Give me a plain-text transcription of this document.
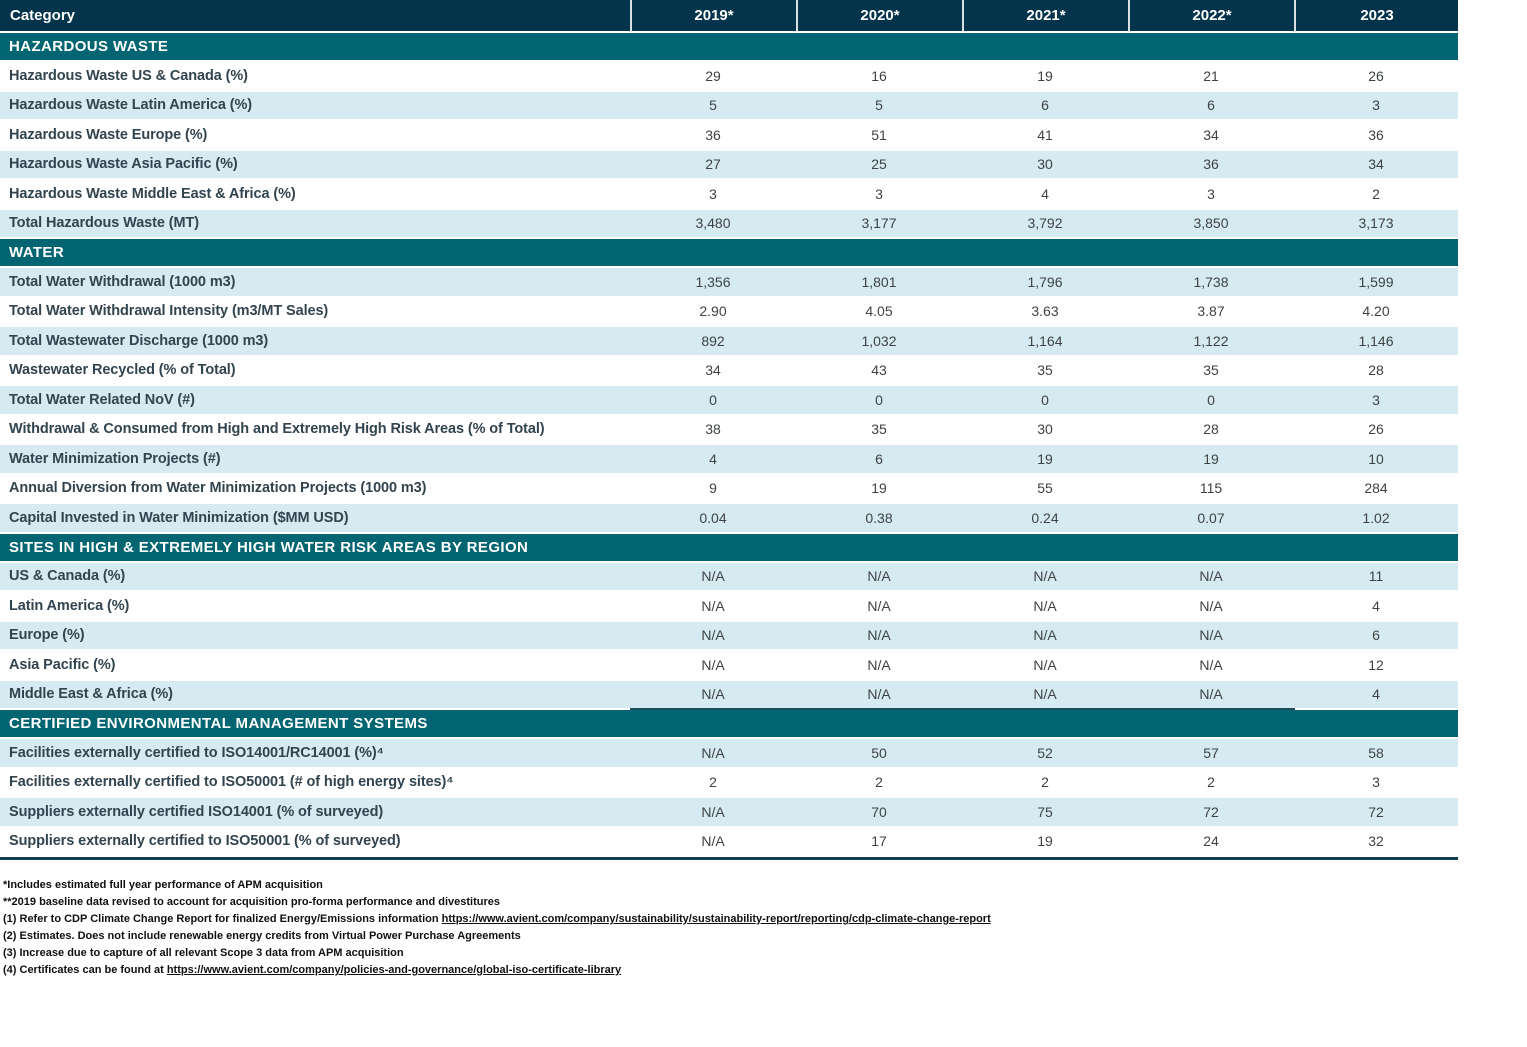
Category	2019*	2020*	2021*	2022*	2023
HAZARDOUS WASTE
Hazardous Waste US & Canada (%)	29	16	19	21	26
Hazardous Waste Latin America (%)	5	5	6	6	3
Hazardous Waste Europe (%)	36	51	41	34	36
Hazardous Waste Asia Pacific (%)	27	25	30	36	34
Hazardous Waste Middle East & Africa (%)	3	3	4	3	2
Total Hazardous Waste (MT)	3,480	3,177	3,792	3,850	3,173
WATER
Total Water Withdrawal (1000 m3)	1,356	1,801	1,796	1,738	1,599
Total Water Withdrawal Intensity (m3/MT Sales)	2.90	4.05	3.63	3.87	4.20
Total Wastewater Discharge (1000 m3)	892	1,032	1,164	1,122	1,146
Wastewater Recycled (% of Total)	34	43	35	35	28
Total Water Related NoV (#)	0	0	0	0	3
Withdrawal & Consumed from High and Extremely High Risk Areas (% of Total)	38	35	30	28	26
Water Minimization Projects (#)	4	6	19	19	10
Annual Diversion from Water Minimization Projects (1000 m3)	9	19	55	115	284
Capital Invested in Water Minimization ($MM USD)	0.04	0.38	0.24	0.07	1.02
SITES IN HIGH & EXTREMELY HIGH WATER RISK AREAS BY REGION
US & Canada (%)	N/A	N/A	N/A	N/A	11
Latin America (%)	N/A	N/A	N/A	N/A	4
Europe (%)	N/A	N/A	N/A	N/A	6
Asia Pacific (%)	N/A	N/A	N/A	N/A	12
Middle East & Africa (%)	N/A	N/A	N/A	N/A	4
CERTIFIED ENVIRONMENTAL MANAGEMENT SYSTEMS
Facilities externally certified to ISO14001/RC14001 (%)⁴	N/A	50	52	57	58
Facilities externally certified to ISO50001 (# of high energy sites)⁴	2	2	2	2	3
Suppliers externally certified ISO14001 (% of surveyed)	N/A	70	75	72	72
Suppliers externally certified to ISO50001 (% of surveyed)	N/A	17	19	24	32
*Includes estimated full year performance of APM acquisition
**2019 baseline data revised to account for acquisition pro-forma performance and divestitures
(1) Refer to CDP Climate Change Report for finalized Energy/Emissions information https://www.avient.com/company/sustainability/sustainability-report/reporting/cdp-climate-change-report
(2) Estimates. Does not include renewable energy credits from Virtual Power Purchase Agreements
(3) Increase due to capture of all relevant Scope 3 data from APM acquisition
(4) Certificates can be found at https://www.avient.com/company/policies-and-governance/global-iso-certificate-library
